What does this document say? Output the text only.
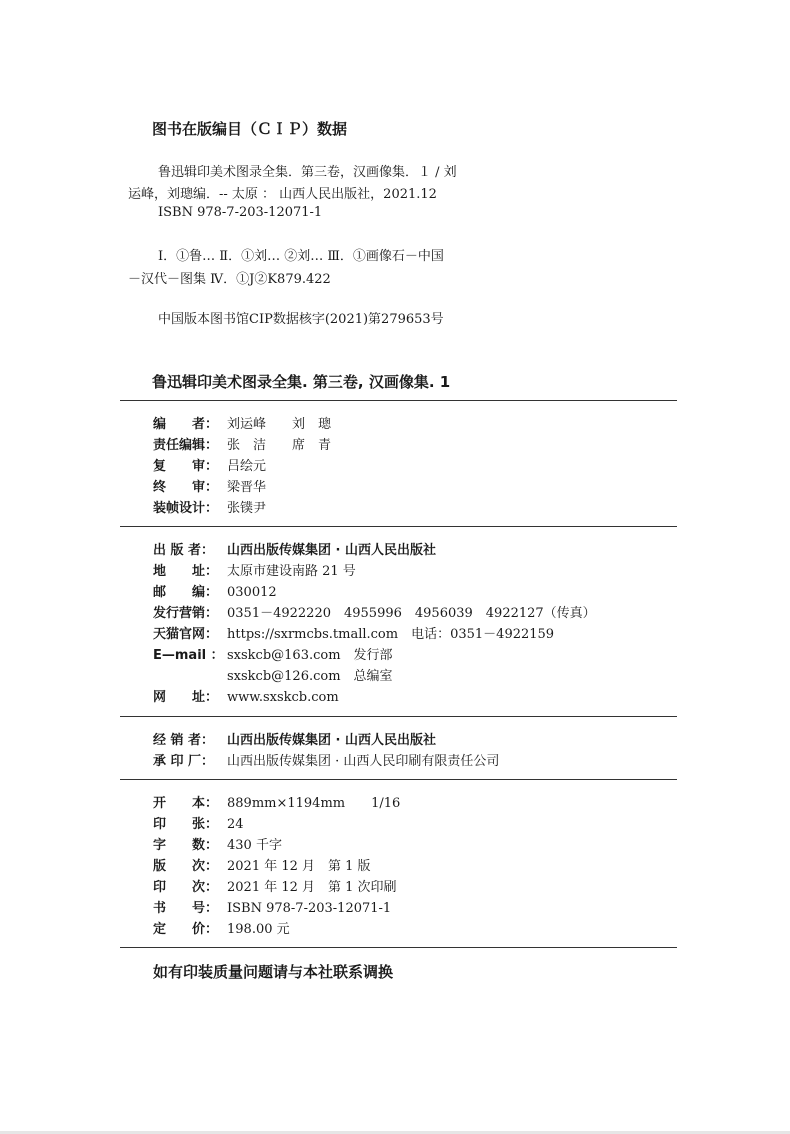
图书在版编目（ＣＩＰ）数据
鲁迅辑印美术图录全集．第三卷，汉画像集．１ / 刘
运峰，刘璁编．-- 太原 ： 山西人民出版社，2021.12
ISBN 978-7-203-12071-1
Ⅰ．①鲁… Ⅱ．①刘… ②刘… Ⅲ．①画像石－中国
－汉代－图集 Ⅳ．①J②K879.422
中国版本图书馆CIP数据核字(2021)第279653号
鲁迅辑印美术图录全集. 第三卷, 汉画像集. 1
编　　者： 刘运峰　　刘　璁
责任编辑： 张　洁　　席　青
复　　审： 吕绘元
终　　审： 梁晋华
装帧设计： 张镤尹
出 版 者： 山西出版传媒集团 · 山西人民出版社
地　　址： 太原市建设南路 21 号
邮　　编： 030012
发行营销： 0351－4922220　4955996　4956039　4922127（传真）
天猫官网： https://sxrmcbs.tmall.com　电话：0351－4922159
E—mail ： sxskcb@163.com　发行部
sxskcb@126.com　总编室
网　　址： www.sxskcb.com
经 销 者： 山西出版传媒集团 · 山西人民出版社
承 印 厂： 山西出版传媒集团 · 山西人民印刷有限责任公司
开　　本： 889mm×1194mm　　1/16
印　　张： 24
字　　数： 430 千字
版　　次： 2021 年 12 月　第 1 版
印　　次： 2021 年 12 月　第 1 次印刷
书　　号： ISBN 978-7-203-12071-1
定　　价： 198.00 元
如有印装质量问题请与本社联系调换
